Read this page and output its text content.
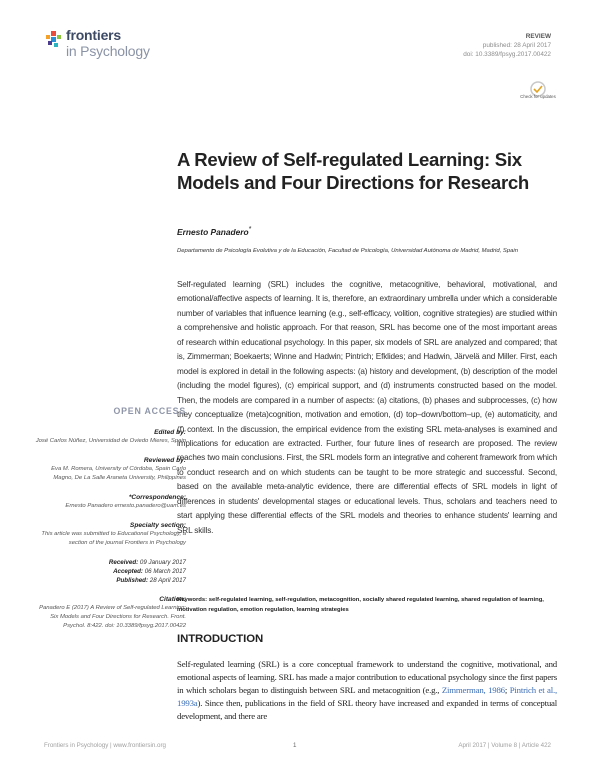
frontiers
in Psychology
REVIEW
published: 28 April 2017
doi: 10.3389/fpsyg.2017.00422
Check for updates
A Review of Self-regulated Learning: Six Models and Four Directions for Research
Ernesto Panadero*
Departamento de Psicología Evolutiva y de la Educación, Facultad de Psicología, Universidad Autónoma de Madrid, Madrid, Spain
Self-regulated learning (SRL) includes the cognitive, metacognitive, behavioral, motivational, and emotional/affective aspects of learning. It is, therefore, an extraordinary umbrella under which a considerable number of variables that influence learning (e.g., self-efficacy, volition, cognitive strategies) are studied within a comprehensive and holistic approach. For that reason, SRL has become one of the most important areas of research within educational psychology. In this paper, six models of SRL are analyzed and compared; that is, Zimmerman; Boekaerts; Winne and Hadwin; Pintrich; Efklides; and Hadwin, Järvelä and Miller. First, each model is explored in detail in the following aspects: (a) history and development, (b) description of the model (including the model figures), (c) empirical support, and (d) instruments constructed based on the model. Then, the models are compared in a number of aspects: (a) citations, (b) phases and subprocesses, (c) how they conceptualize (meta)cognition, motivation and emotion, (d) top–down/bottom–up, (e) automaticity, and (f) context. In the discussion, the empirical evidence from the existing SRL meta-analyses is examined and implications for education are extracted. Further, four future lines of research are proposed. The review reaches two main conclusions. First, the SRL models form an integrative and coherent framework from which to conduct research and on which students can be taught to be more strategic and successful. Second, based on the available meta-analytic evidence, there are differential effects of SRL models in light of differences in students' developmental stages or educational levels. Thus, scholars and teachers need to start applying these differential effects of the SRL models and theories to enhance students' learning and SRL skills.
Keywords: self-regulated learning, self-regulation, metacognition, socially shared regulated learning, shared regulation of learning, motivation regulation, emotion regulation, learning strategies
OPEN ACCESS
Edited by:
José Carlos Núñez, Universidad de Oviedo Mieres, Spain
Reviewed by:
Eva M. Romera, University of Córdoba, Spain Carlo Magno, De La Salle Araneta University, Philippines
*Correspondence:
Ernesto Panadero ernesto.panadero@uam.es
Specialty section:
This article was submitted to Educational Psychology, a section of the journal Frontiers in Psychology
Received: 09 January 2017
Accepted: 06 March 2017
Published: 28 April 2017
Citation:
Panadero E (2017) A Review of Self-regulated Learning: Six Models and Four Directions for Research. Front. Psychol. 8:422. doi: 10.3389/fpsyg.2017.00422
INTRODUCTION
Self-regulated learning (SRL) is a core conceptual framework to understand the cognitive, motivational, and emotional aspects of learning. SRL has made a major contribution to educational psychology since the first papers in which scholars began to distinguish between SRL and metacognition (e.g., Zimmerman, 1986; Pintrich et al., 1993a). Since then, publications in the field of SRL theory have increased and expanded in terms of conceptual development, and there are
Frontiers in Psychology | www.frontiersin.org	1	April 2017 | Volume 8 | Article 422
